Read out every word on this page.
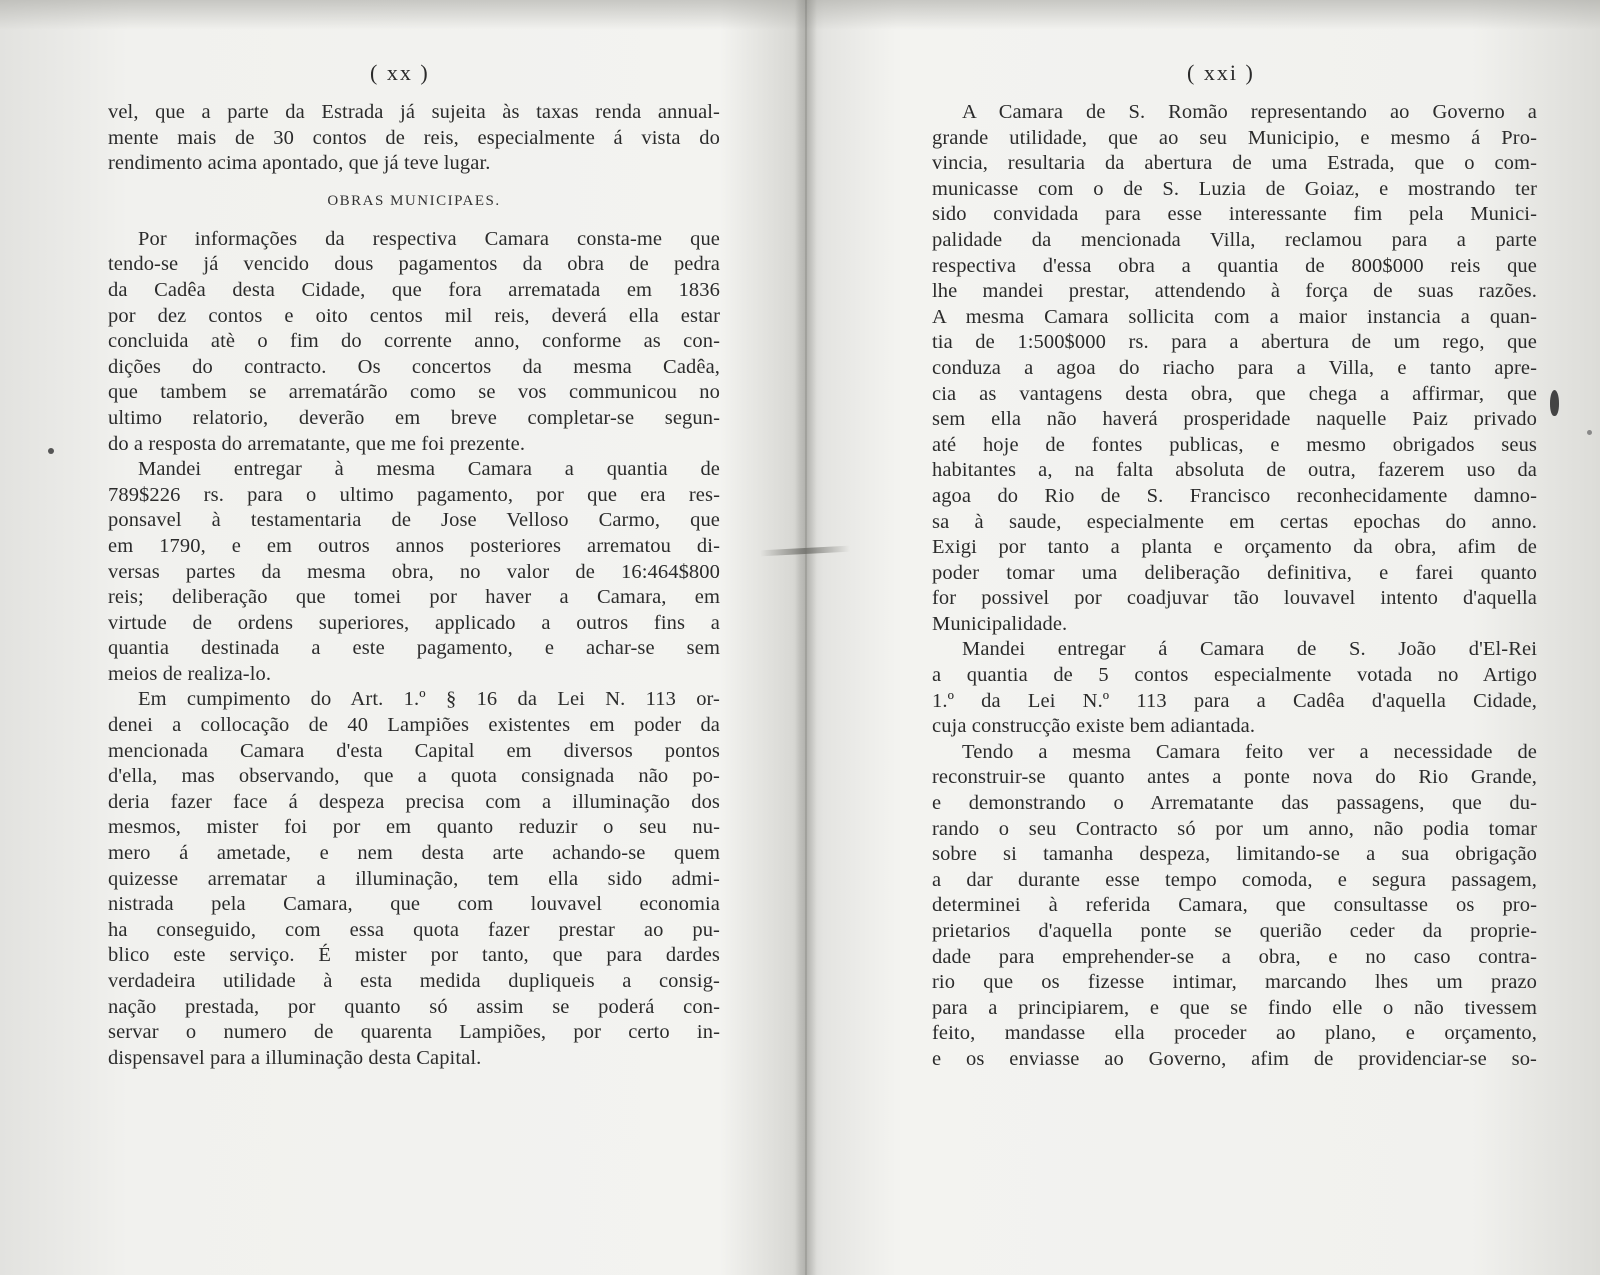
( xx )
vel, que a parte da Estrada já sujeita às taxas renda annual-
mente mais de 30 contos de reis, especialmente á vista do
rendimento acima apontado, que já teve lugar.
OBRAS MUNICIPAES.
Por informações da respectiva Camara consta-me que
tendo-se já vencido dous pagamentos da obra de pedra
da Cadêa desta Cidade, que fora arrematada em 1836
por dez contos e oito centos mil reis, deverá ella estar
concluida atè o fim do corrente anno, conforme as con-
dições do contracto. Os concertos da mesma Cadêa,
que tambem se arrematárão como se vos communicou no
ultimo relatorio, deverão em breve completar-se segun-
do a resposta do arrematante, que me foi prezente.
Mandei entregar à mesma Camara a quantia de
789$226 rs. para o ultimo pagamento, por que era res-
ponsavel à testamentaria de Jose Velloso Carmo, que
em 1790, e em outros annos posteriores arrematou di-
versas partes da mesma obra, no valor de 16:464$800
reis; deliberação que tomei por haver a Camara, em
virtude de ordens superiores, applicado a outros fins a
quantia destinada a este pagamento, e achar-se sem
meios de realiza-lo.
Em cumpimento do Art. 1.º § 16 da Lei N. 113 or-
denei a collocação de 40 Lampiões existentes em poder da
mencionada Camara d'esta Capital em diversos pontos
d'ella, mas observando, que a quota consignada não po-
deria fazer face á despeza precisa com a illuminação dos
mesmos, mister foi por em quanto reduzir o seu nu-
mero á ametade, e nem desta arte achando-se quem
quizesse arrematar a illuminação, tem ella sido admi-
nistrada pela Camara, que com louvavel economia
ha conseguido, com essa quota fazer prestar ao pu-
blico este serviço. É mister por tanto, que para dardes
verdadeira utilidade à esta medida dupliqueis a consig-
nação prestada, por quanto só assim se poderá con-
servar o numero de quarenta Lampiões, por certo in-
dispensavel para a illuminação desta Capital.
( xxi )
A Camara de S. Romão representando ao Governo a
grande utilidade, que ao seu Municipio, e mesmo á Pro-
vincia, resultaria da abertura de uma Estrada, que o com-
municasse com o de S. Luzia de Goiaz, e mostrando ter
sido convidada para esse interessante fim pela Munici-
palidade da mencionada Villa, reclamou para a parte
respectiva d'essa obra a quantia de 800$000 reis que
lhe mandei prestar, attendendo à força de suas razões.
A mesma Camara sollicita com a maior instancia a quan-
tia de 1:500$000 rs. para a abertura de um rego, que
conduza a agoa do riacho para a Villa, e tanto apre-
cia as vantagens desta obra, que chega a affirmar, que
sem ella não haverá prosperidade naquelle Paiz privado
até hoje de fontes publicas, e mesmo obrigados seus
habitantes a, na falta absoluta de outra, fazerem uso da
agoa do Rio de S. Francisco reconhecidamente damno-
sa à saude, especialmente em certas epochas do anno.
Exigi por tanto a planta e orçamento da obra, afim de
poder tomar uma deliberação definitiva, e farei quanto
for possivel por coadjuvar tão louvavel intento d'aquella
Municipalidade.
Mandei entregar á Camara de S. João d'El-Rei
a quantia de 5 contos especialmente votada no Artigo
1.º da Lei N.º 113 para a Cadêa d'aquella Cidade,
cuja construcção existe bem adiantada.
Tendo a mesma Camara feito ver a necessidade de
reconstruir-se quanto antes a ponte nova do Rio Grande,
e demonstrando o Arrematante das passagens, que du-
rando o seu Contracto só por um anno, não podia tomar
sobre si tamanha despeza, limitando-se a sua obrigação
a dar durante esse tempo comoda, e segura passagem,
determinei à referida Camara, que consultasse os pro-
prietarios d'aquella ponte se querião ceder da proprie-
dade para emprehender-se a obra, e no caso contra-
rio que os fizesse intimar, marcando lhes um prazo
para a principiarem, e que se findo elle o não tivessem
feito, mandasse ella proceder ao plano, e orçamento,
e os enviasse ao Governo, afim de providenciar-se so-
